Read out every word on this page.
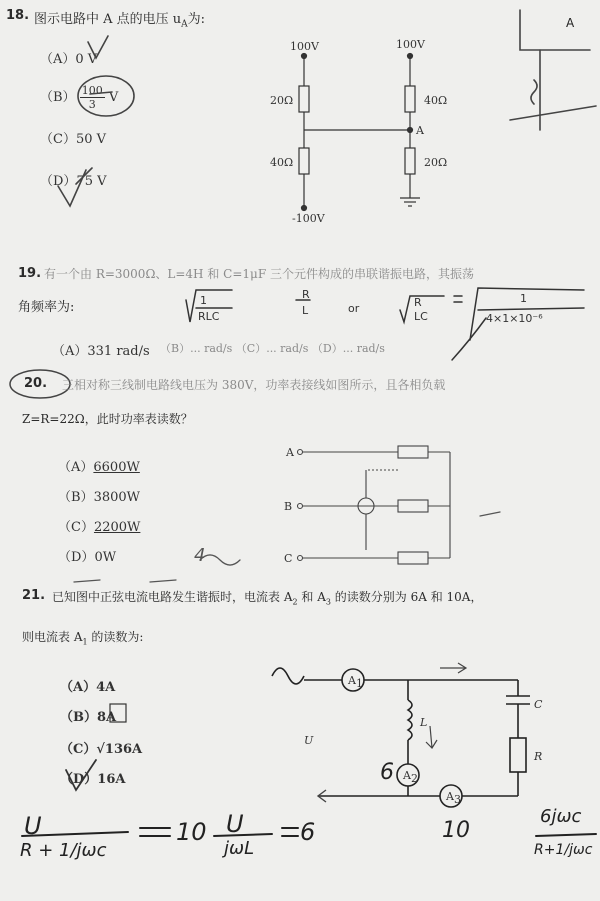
18. 图示电路中 A 点的电压 $u_A$为:
（A）0 V
$(B) \frac{100}{3}$ V
（C）50 V
（D）75 V
100V	100V
20Ω	40Ω
40Ω	20Ω
A
-100V
A
19. 有一个由 R=3000Ω、L=4H 和 C=1μF 三个元件构成的串联谐振电路，其振荡
角频率为:
（A）331 rad/s （B）... rad/s （C）... rad/s （D）... rad/s
1
RLC
R
L	or	R
LC
1
4×1×10⁻⁶
20. 三相对称三线制电路线电压为 380V，功率表接线如图所示，且各相负载
Z=R=22Ω，此时功率表读数？
（A）6600W
（B）3800W
（C）2200W
（D）0W
A
B
C
21. 已知图中正弦电流电路发生谐振时，电流表 $A_2$ 和 $A_3$ 的读数分别为 6A 和 10A，
则电流表 $A_1$ 的读数为:
（A）4A
（B）8A
（C）√136A
（D）16A
A 1
A 2
A 3
U
L
C
R
U
R + 1/jωc
10 U
jωL
6
6
10
6jωc
R+1/jωc
4
